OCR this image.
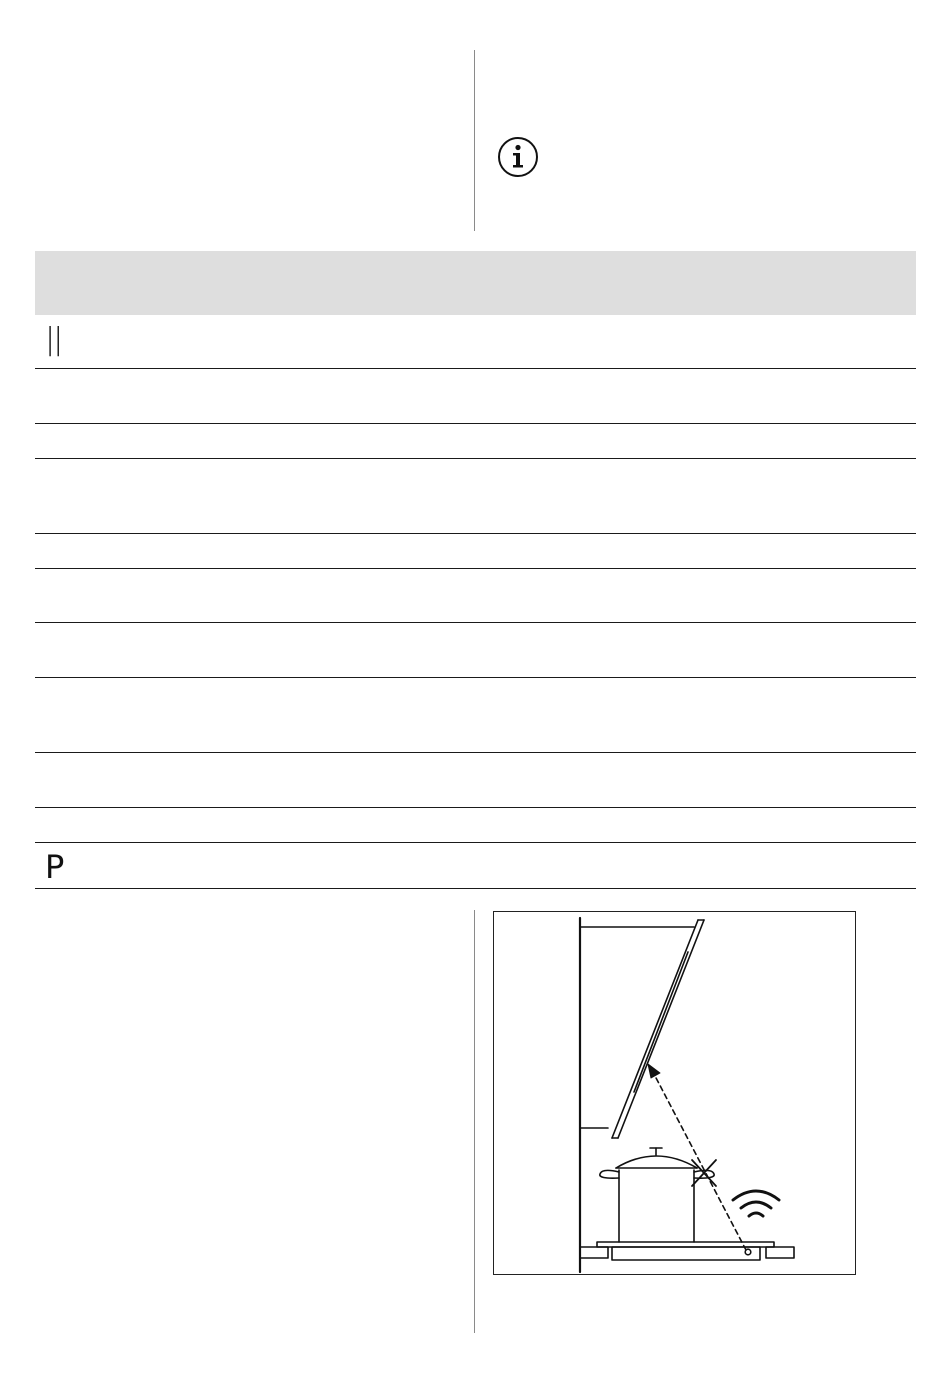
||
P
